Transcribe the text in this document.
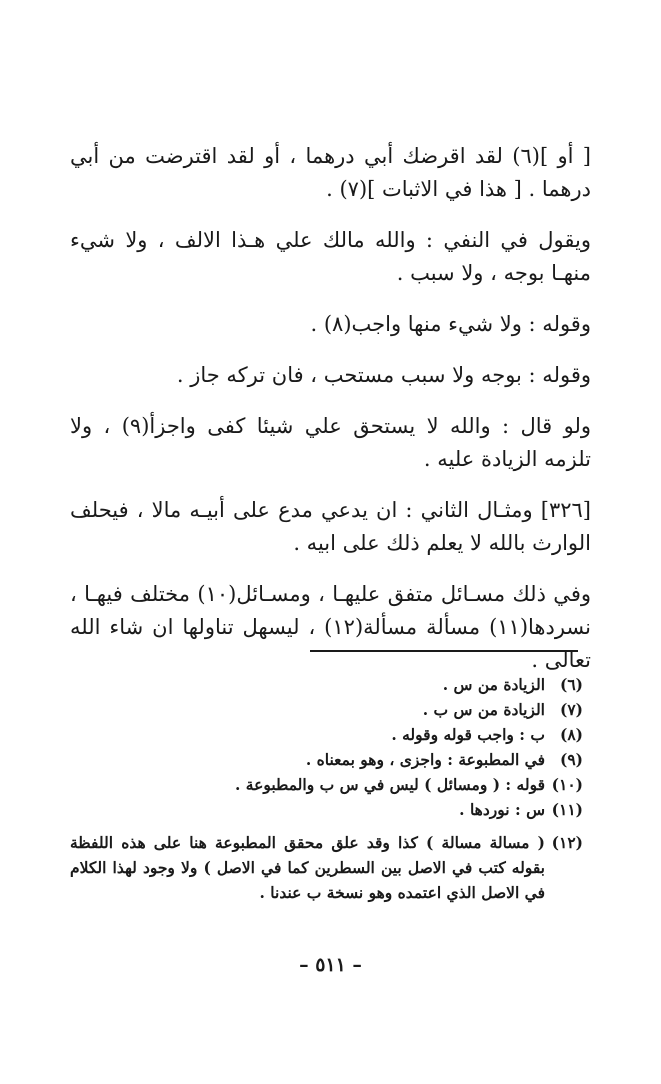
[ أو ](٦) لقد اقرضك أبي درهما ، أو لقد اقترضت من أبي درهما . [ هذا في الاثبات ](٧) .

ويقول في النفي : والله مالك علي هـذا الالف ، ولا شيء منهـا بوجه ، ولا سبب .

وقوله : ولا شيء منها واجب(٨) .

وقوله : بوجه ولا سبب مستحب ، فان تركه جاز .

ولو قال : والله لا يستحق علي شيئا كفى واجزأ(٩) ، ولا تلزمه الزيادة عليه .

[٣٢٦] ومثـال الثاني : ان يدعي مدع على أبيـه مالا ، فيحلف الوارث بالله لا يعلم ذلك على ابيه .

وفي ذلك مسـائل متفق عليهـا ، ومسـائل(١٠) مختلف فيهـا ، نسردها(١١) مسألة مسألة(١٢) ، ليسهل تناولها ان شاء الله تعالى .

(٦)
الزيادة من س .
(٧)
الزيادة من س ب .
(٨)
ب : واجب قوله وقوله .
(٩)
في المطبوعة : واجزى ، وهو بمعناه .
(١٠)
قوله : ( ومسائل ) ليس في س ب والمطبوعة .
(١١)
س : نوردها .
(١٢)
( مسالة مسالة ) كذا وقد علق محقق المطبوعة هنا على هذه اللفظة بقوله كتب في الاصل بين السطرين كما في الاصل ) ولا وجود لهذا الكلام في الاصل الذي اعتمده وهو نسخة ب عندنا .
– ٥١١ –
